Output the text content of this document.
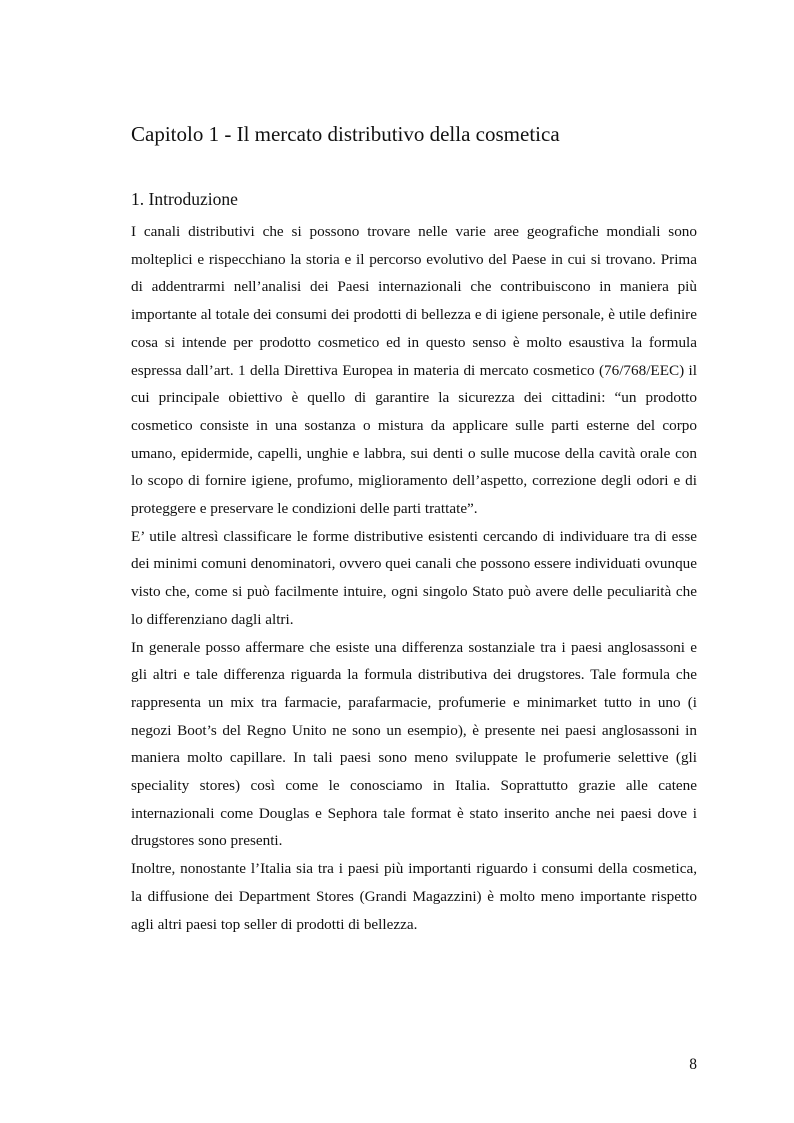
Capitolo 1 - Il mercato distributivo della cosmetica
1. Introduzione

I canali distributivi che si possono trovare nelle varie aree geografiche mondiali sono molteplici e rispecchiano la storia e il percorso evolutivo del Paese in cui si trovano. Prima di addentrarmi nell’analisi dei Paesi internazionali che contribuiscono in maniera più importante al totale dei consumi dei prodotti di bellezza e di igiene personale, è utile definire cosa si intende per prodotto cosmetico ed in questo senso è molto esaustiva la formula espressa dall’art. 1 della Direttiva Europea in materia di mercato cosmetico (76/768/EEC) il cui principale obiettivo è quello di garantire la sicurezza dei cittadini: “un prodotto cosmetico consiste in una sostanza o mistura da applicare sulle parti esterne del corpo umano, epidermide, capelli, unghie e labbra, sui denti o sulle mucose della cavità orale con lo scopo di fornire igiene, profumo, miglioramento dell’aspetto, correzione degli odori e di proteggere e preservare le condizioni delle parti trattate”.

E’ utile altresì classificare le forme distributive esistenti cercando di individuare tra di esse dei minimi comuni denominatori, ovvero quei canali che possono essere individuati ovunque visto che, come si può facilmente intuire, ogni singolo Stato può avere delle peculiarità che lo differenziano dagli altri.

In generale posso affermare che esiste una differenza sostanziale tra i paesi anglosassoni e gli altri e tale differenza riguarda la formula distributiva dei drugstores. Tale formula che rappresenta un mix tra farmacie, parafarmacie, profumerie e minimarket tutto in uno (i negozi Boot’s del Regno Unito ne sono un esempio), è presente nei paesi anglosassoni in maniera molto capillare. In tali paesi sono meno sviluppate le profumerie selettive (gli speciality stores) così come le conosciamo in Italia. Soprattutto grazie alle catene internazionali come Douglas e Sephora tale format è stato inserito anche nei paesi dove i drugstores sono presenti.

Inoltre, nonostante l’Italia sia tra i paesi più importanti riguardo i consumi della cosmetica, la diffusione dei Department Stores (Grandi Magazzini) è molto meno importante rispetto agli altri paesi top seller di prodotti di bellezza.

8
